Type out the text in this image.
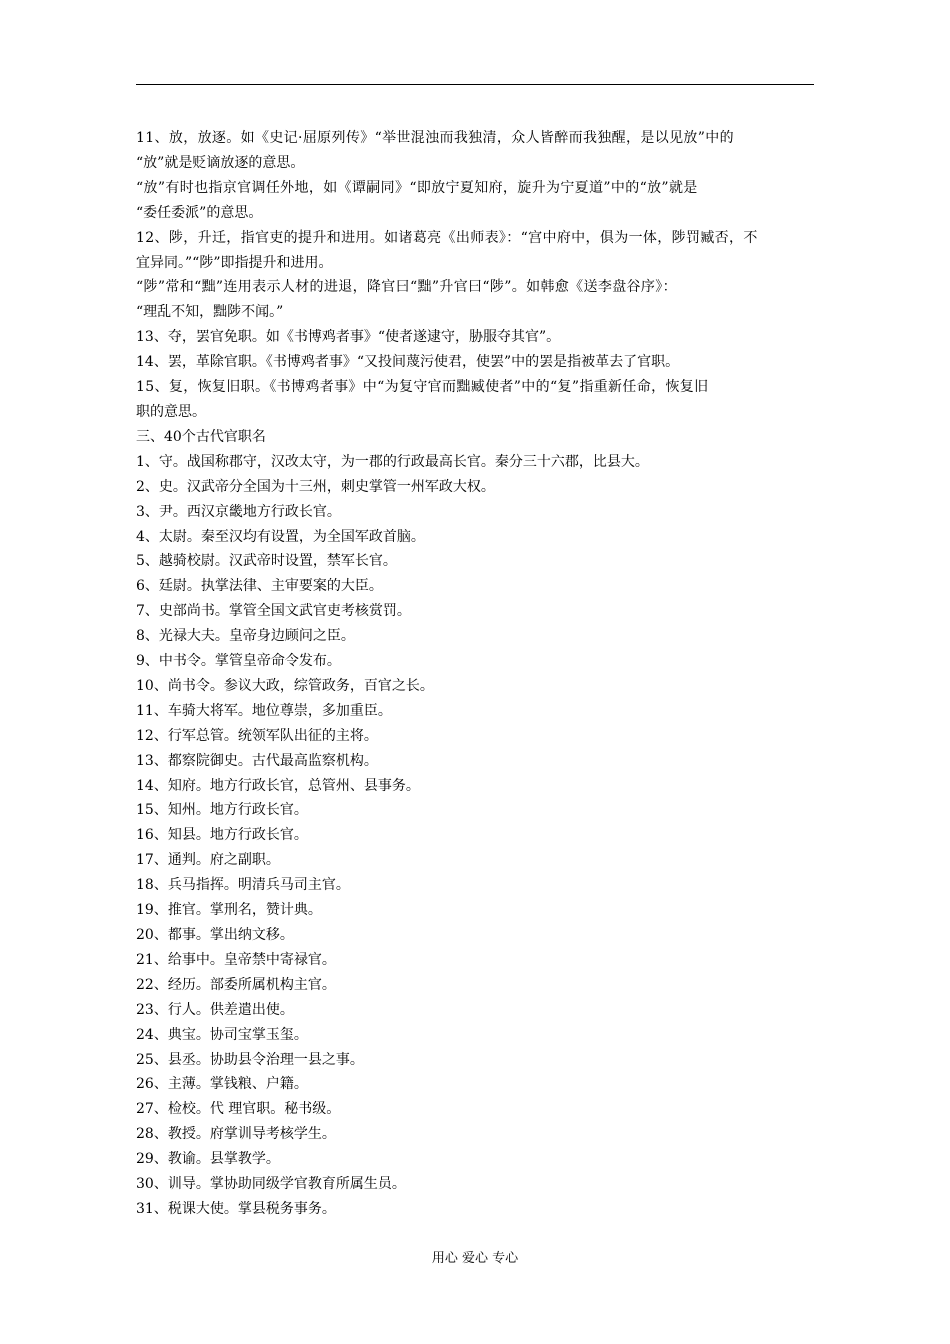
11、放，放逐。如《史记·屈原列传》“举世混浊而我独清，众人皆醉而我独醒，是以见放”中的
“放”就是贬谪放逐的意思。
“放”有时也指京官调任外地，如《谭嗣同》“即放宁夏知府，旋升为宁夏道”中的“放”就是
“委任委派”的意思。
12、陟，升迁，指官吏的提升和进用。如诸葛亮《出师表》：“宫中府中，俱为一体，陟罚臧否，不
宜异同。”“陟”即指提升和进用。
“陟”常和“黜”连用表示人材的进退，降官曰“黜”升官曰“陟”。如韩愈《送李盘谷序》：
“理乱不知，黜陟不闻。”
13、夺，罢官免职。如《书博鸡者事》“使者遂逮守，胁服夺其官”。
14、罢，革除官职。《书博鸡者事》“又投间蔑污使君，使罢”中的罢是指被革去了官职。
15、复，恢复旧职。《书博鸡者事》中“为复守官而黜臧使者”中的“复”指重新任命，恢复旧
职的意思。
三、40个古代官职名
1、守。战国称郡守，汉改太守，为一郡的行政最高长官。秦分三十六郡，比县大。
2、史。汉武帝分全国为十三州，刺史掌管一州军政大权。
3、尹。西汉京畿地方行政长官。
4、太尉。秦至汉均有设置，为全国军政首脑。
5、越骑校尉。汉武帝时设置，禁军长官。
6、廷尉。执掌法律、主审要案的大臣。
7、史部尚书。掌管全国文武官吏考核赏罚。
8、光禄大夫。皇帝身边顾问之臣。
9、中书令。掌管皇帝命令发布。
10、尚书令。参议大政，综管政务，百官之长。
11、车骑大将军。地位尊崇，多加重臣。
12、行军总管。统领军队出征的主将。
13、都察院御史。古代最高监察机构。
14、知府。地方行政长官，总管州、县事务。
15、知州。地方行政长官。
16、知县。地方行政长官。
17、通判。府之副职。
18、兵马指挥。明清兵马司主官。
19、推官。掌刑名，赞计典。
20、都事。掌出纳文移。
21、给事中。皇帝禁中寄禄官。
22、经历。部委所属机构主官。
23、行人。供差遣出使。
24、典宝。协司宝掌玉玺。
25、县丞。协助县令治理一县之事。
26、主薄。掌钱粮、户籍。
27、检校。代 理官职。秘书级。
28、教授。府掌训导考核学生。
29、教谕。县掌教学。
30、训导。掌协助同级学官教育所属生员。
31、税课大使。掌县税务事务。
用心 爱心 专心
